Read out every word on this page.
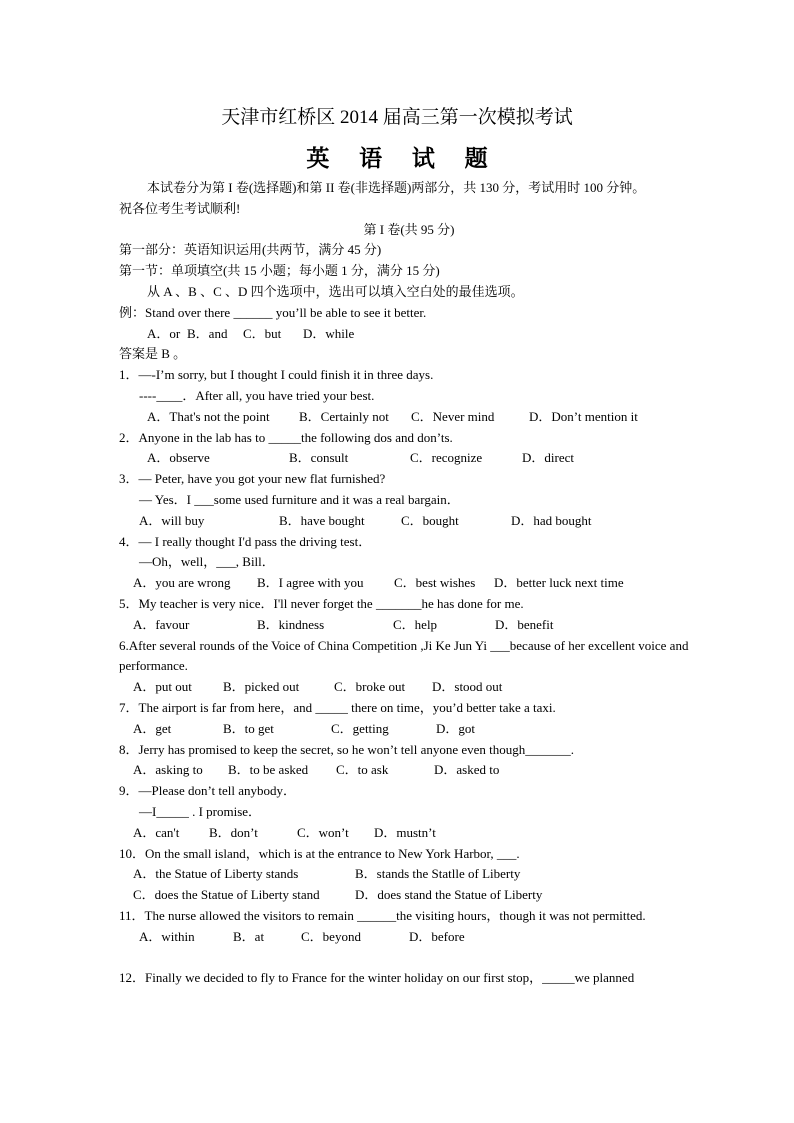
天津市红桥区 2014 届高三第一次模拟考试
英 语 试 题

本试卷分为第 I 卷(选择题)和第 II 卷(非选择题)两部分，共 130 分，考试用时 100 分钟。

祝各位考生考试顺利!

第 I 卷(共 95 分)

第一部分：英语知识运用(共两节，满分 45 分)

第一节：单项填空(共 15 小题；每小题 1 分，满分 15 分)

从 A 、B 、C 、D 四个选项中，选出可以填入空白处的最佳选项。

例：Stand over there ______ you’ll be able to see it better.

A．or B．and C．but D．while

答案是 B 。

1．—-I’m sorry, but I thought I could finish it in three days.

----____．After all, you have tried your best.

A．That's not the point B．Certainly not C．Never mind	D．Don’t mention it

2．Anyone in the lab has to _____the following dos and don’ts.

A．observe	B．consult	C．recognize	D．direct

3．— Peter, have you got your new flat furnished?

— Yes．I ___some used furniture and it was a real bargain．

A．will buy	B．have bought	C．bought	D．had bought

4．— I really thought I'd pass the driving test．

—Oh，well，___, Bill．

A．you are wrong B．I agree with you C．best wishes D．better luck next time

5．My teacher is very nice．I'll never forget the _______he has done for me.

A．favour	B．kindness	C．help	D．benefit

6.After several rounds of the Voice of China Competition ,Ji Ke Jun Yi ___because of her excellent voice and performance.

A．put out B．picked out	C．broke out D．stood out

7．The airport is far from here，and _____ there on time，you’d better take a taxi.

A．get	B．to get	C．getting	D．got

8．Jerry has promised to keep the secret, so he won’t tell anyone even though_______.

A．asking to B．to be asked C．to ask	D．asked to

9．—Please don’t tell anybody．

—I_____ . I promise．

A．can't B．don’t	C．won’t D．mustn’t

10．On the small island，which is at the entrance to New York Harbor, ___.

A．the Statue of Liberty stands	B．stands the Statlle of Liberty

C．does the Statue of Liberty stand	D．does stand the Statue of Liberty

11．The nurse allowed the visitors to remain ______the visiting hours，though it was not permitted.

A．within	B．at	C．beyond	D．before

12．Finally we decided to fly to France for the winter holiday on our first stop，_____we planned
